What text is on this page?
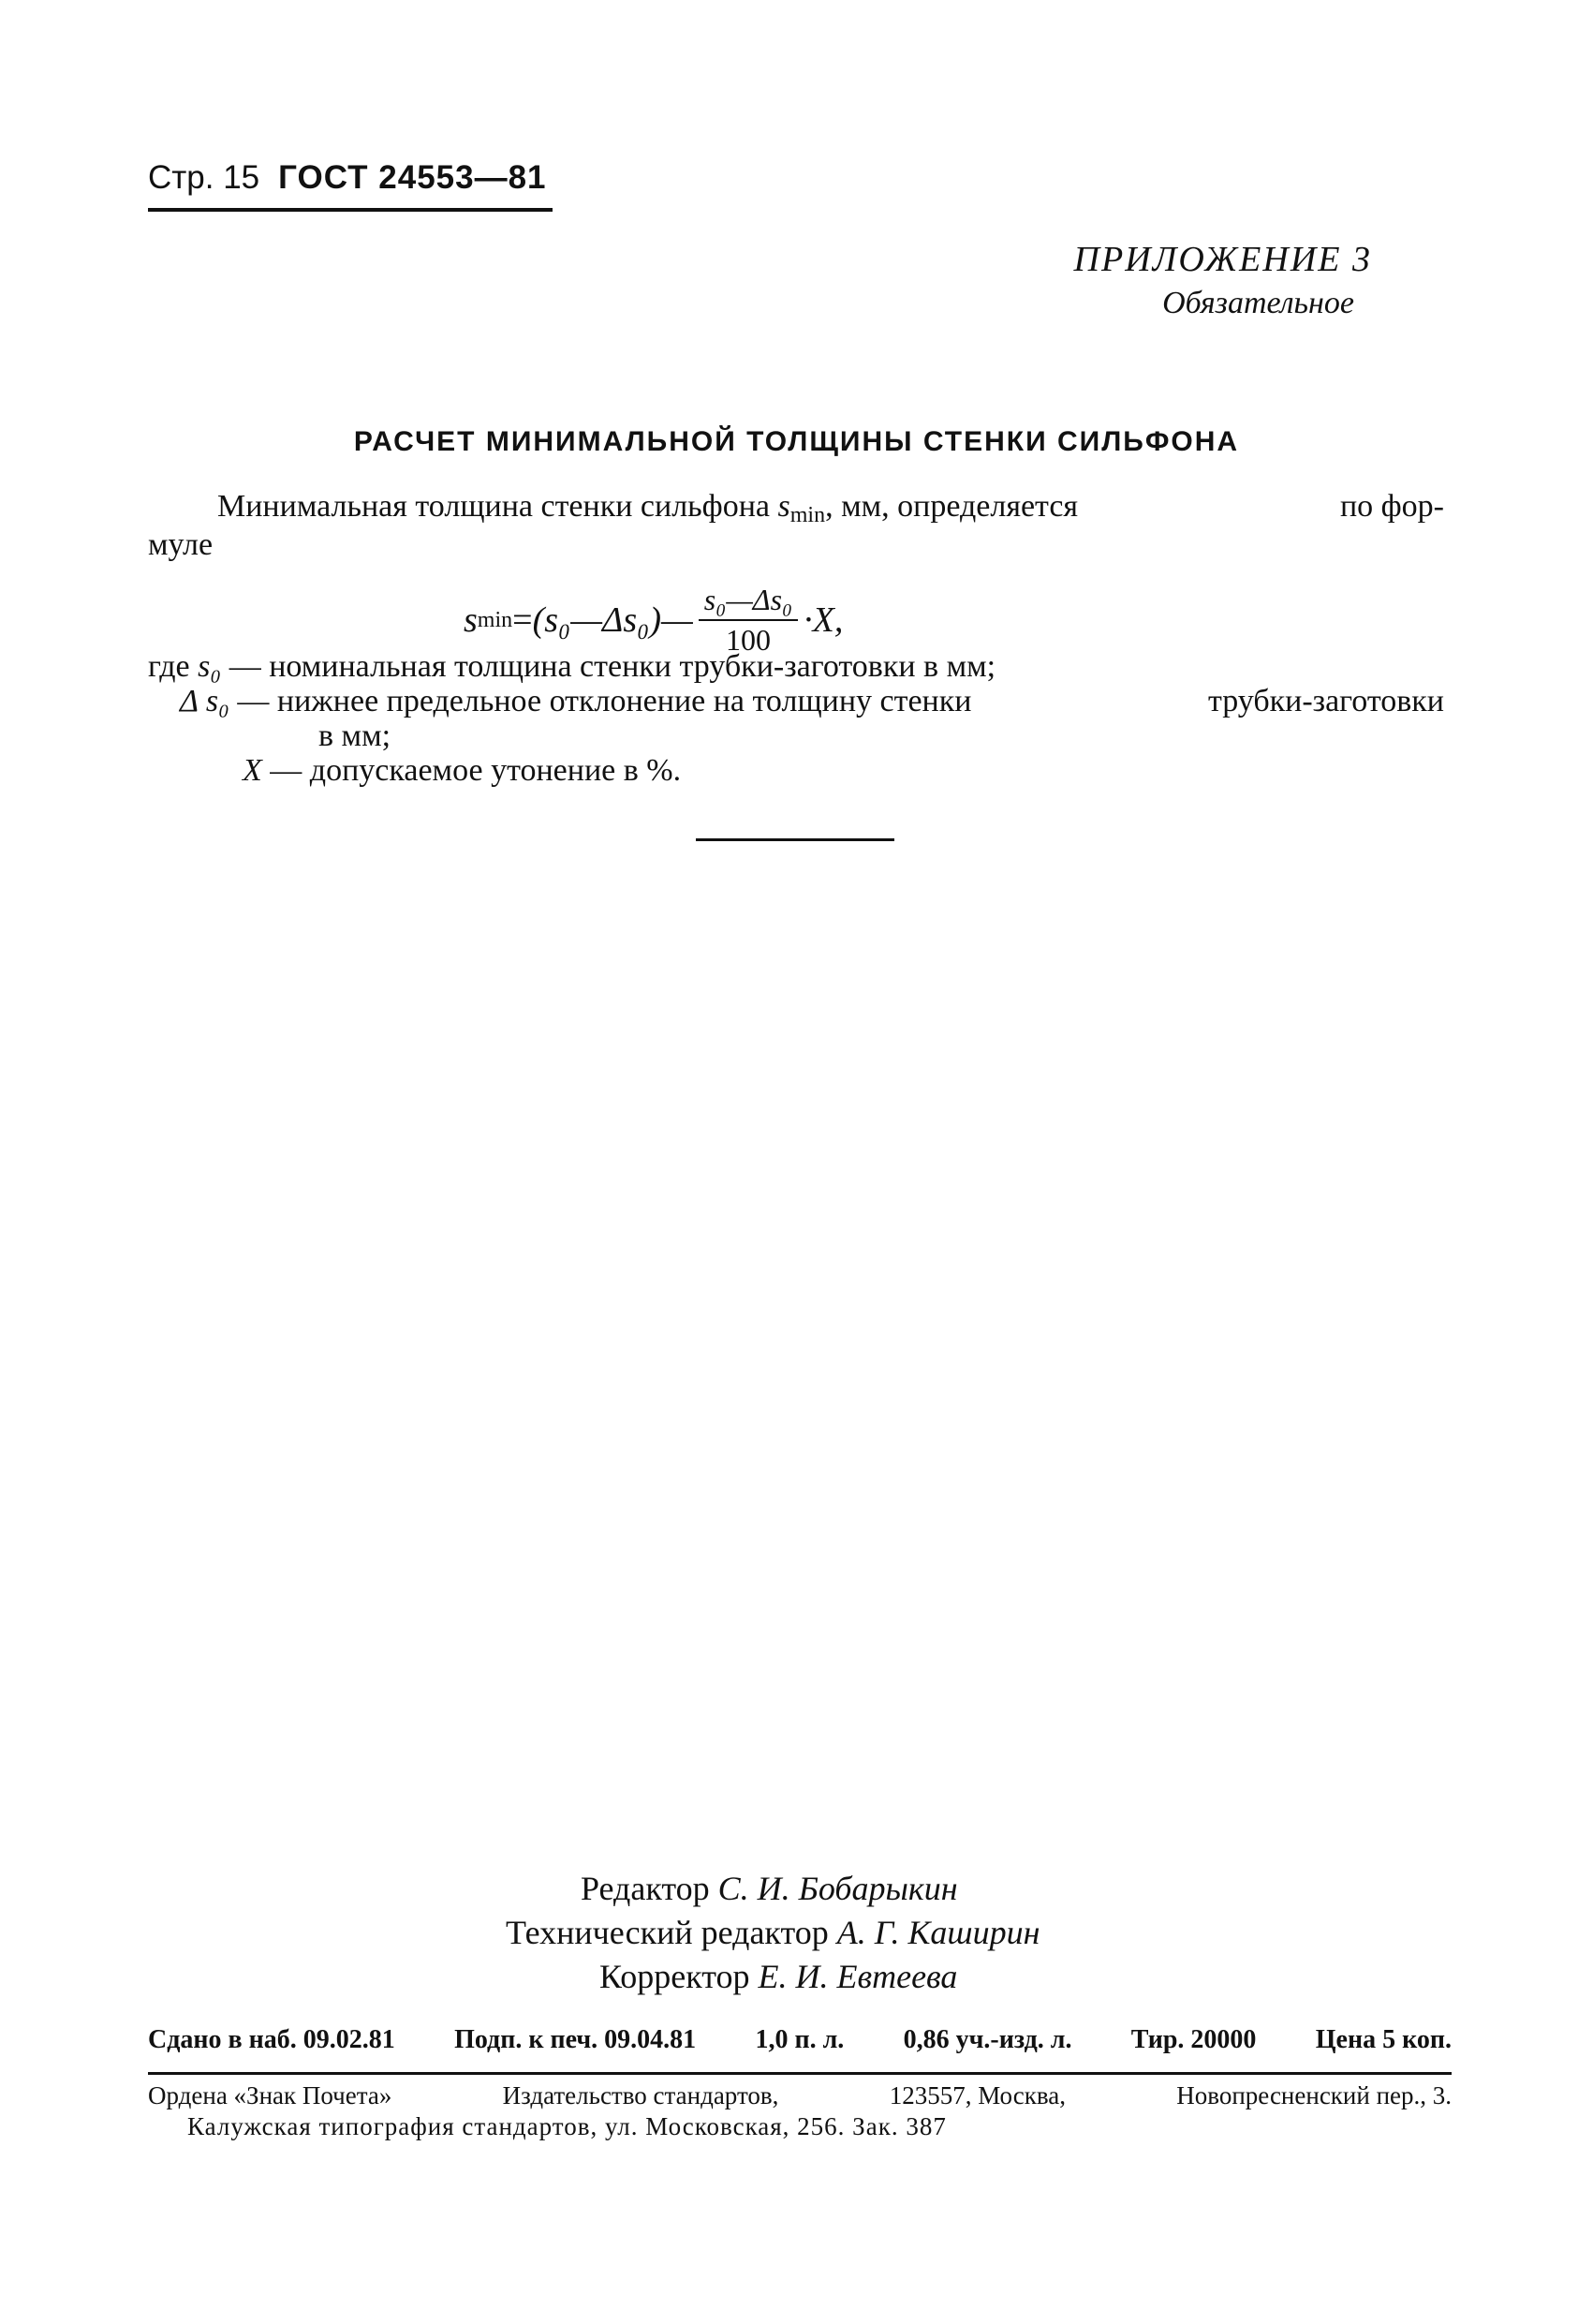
Стр. 15 ГОСТ 24553—81
ПРИЛОЖЕНИЕ 3
Обязательное
РАСЧЕТ МИНИМАЛЬНОЙ ТОЛЩИНЫ СТЕНКИ СИЛЬФОНА
Минимальная толщина стенки сильфона $s_{min}$, мм, определяется	по фор-
муле
s min = (s₀—Δs₀)— $\frac{\text{s₀—Δs₀}}{100} \cdot X$,
где s₀ — номинальная толщина стенки трубки-заготовки в мм;
Δ s₀ — нижнее предельное отклонение на толщину стенки	трубки-заготовки
в мм;
X — допускаемое утонение в %.
Редактор С. И. Бобарыкин
Технический редактор А. Г. Каширин
Корректор Е. И. Евтеева
Сдано в наб. 09.02.81 Подп. к печ. 09.04.81 1,0 п. л. 0,86 уч.-изд. л. Тир. 20000 Цена 5 коп.
Ордена «Знак Почета»	Издательство стандартов,	123557, Москва,	Новопресненский пер., 3.
Калужская типография стандартов, ул. Московская, 256. Зак. 387
